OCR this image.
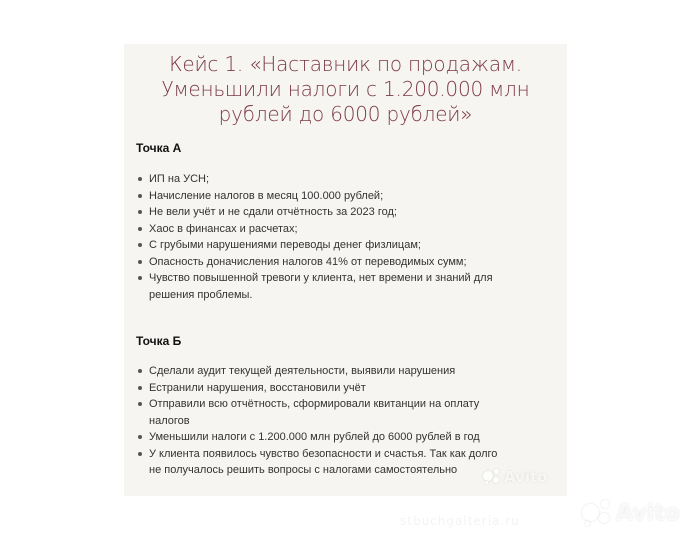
Кейс 1. «Наставник по продажам.
Уменьшили налоги с 1.200.000 млн
рублей до 6000 рублей»
Точка А
ИП на УСН;
Начисление налогов в месяц 100.000 рублей;
Не вели учёт и не сдали отчётность за 2023 год;
Хаос в финансах и расчетах;
С грубыми нарушениями переводы денег физлицам;
Опасность доначисления налогов 41% от переводимых сумм;
Чувство повышенной тревоги у клиента, нет времени и знаний для
решения проблемы.
Точка Б
Сделали аудит текущей деятельности, выявили нарушения
Естранили нарушения, восстановили учёт
Отправили всю отчётность, сформировали квитанции на оплату
налогов
Уменьшили налоги с 1.200.000 млн рублей до 6000 рублей в год
У клиента появилось чувство безопасности и счастья. Так как долго
не получалось решить вопросы с налогами самостоятельно
stbuchgalteria.ru
Avito
Avito
